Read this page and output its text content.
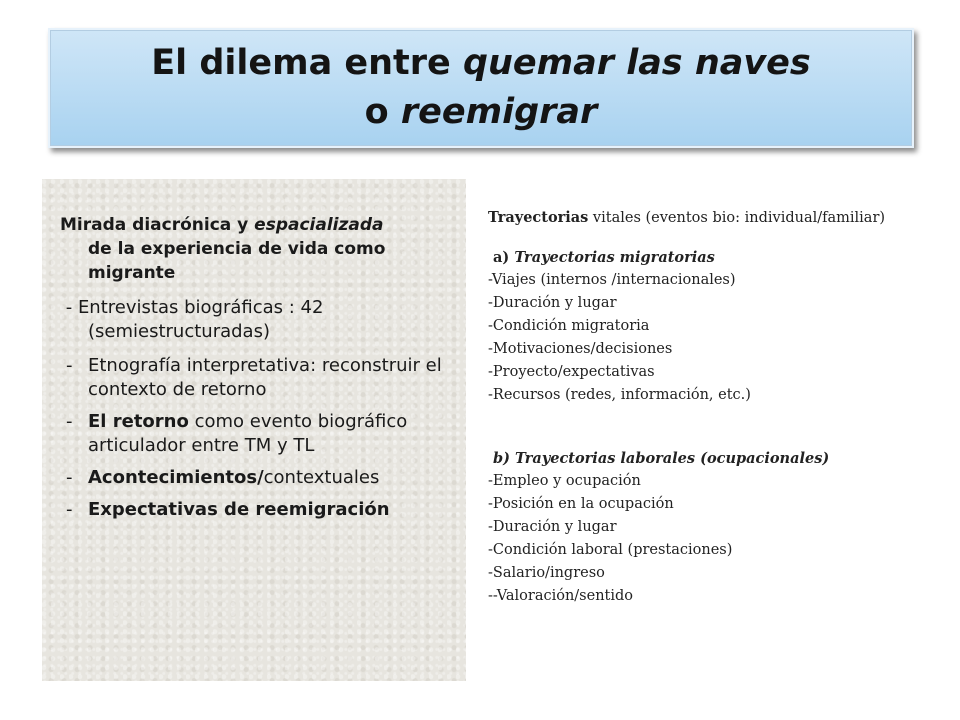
El dilema entre quemar las naves
o reemigrar
Mirada diacrónica y espacializada
de la experiencia de vida como
migrante
- Entrevistas biográficas : 42
(semiestructuradas)
- Etnografía interpretativa: reconstruir el contexto de retorno
- El retorno como evento biográfico  articulador entre TM y TL
- Acontecimientos/contextuales
- Expectativas de reemigración
Trayectorias vitales (eventos bio: individual/familiar)
a) Trayectorias migratorias
-Viajes (internos /internacionales)
-Duración y lugar
-Condición migratoria
-Motivaciones/decisiones
-Proyecto/expectativas
-Recursos (redes, información, etc.)
b) Trayectorias laborales (ocupacionales)
-Empleo y ocupación
-Posición en la ocupación
-Duración y lugar
-Condición laboral (prestaciones)
-Salario/ingreso
--Valoración/sentido
